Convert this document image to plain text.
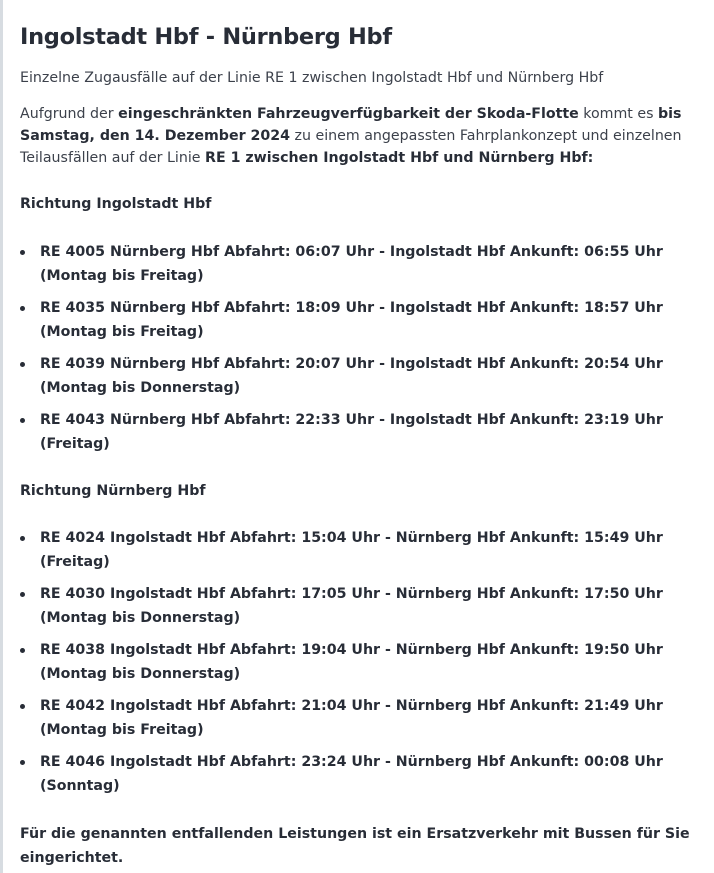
Ingolstadt Hbf - Nürnberg Hbf
Einzelne Zugausfälle auf der Linie RE 1 zwischen Ingolstadt Hbf und Nürnberg Hbf

Aufgrund der eingeschränkten Fahrzeugverfügbarkeit der Skoda-Flotte kommt es bis Samstag, den 14. Dezember 2024 zu einem angepassten Fahrplankonzept und einzelnen Teilausfällen auf der Linie RE 1 zwischen Ingolstadt Hbf und Nürnberg Hbf:

Richtung Ingolstadt Hbf
RE 4005 Nürnberg Hbf Abfahrt: 06:07 Uhr - Ingolstadt Hbf Ankunft: 06:55 Uhr
(Montag bis Freitag)
RE 4035 Nürnberg Hbf Abfahrt: 18:09 Uhr - Ingolstadt Hbf Ankunft: 18:57 Uhr
(Montag bis Freitag)
RE 4039 Nürnberg Hbf Abfahrt: 20:07 Uhr - Ingolstadt Hbf Ankunft: 20:54 Uhr
(Montag bis Donnerstag)
RE 4043 Nürnberg Hbf Abfahrt: 22:33 Uhr - Ingolstadt Hbf Ankunft: 23:19 Uhr
(Freitag)
Richtung Nürnberg Hbf
RE 4024 Ingolstadt Hbf Abfahrt: 15:04 Uhr - Nürnberg Hbf Ankunft: 15:49 Uhr
(Freitag)
RE 4030 Ingolstadt Hbf Abfahrt: 17:05 Uhr - Nürnberg Hbf Ankunft: 17:50 Uhr
(Montag bis Donnerstag)
RE 4038 Ingolstadt Hbf Abfahrt: 19:04 Uhr - Nürnberg Hbf Ankunft: 19:50 Uhr
(Montag bis Donnerstag)
RE 4042 Ingolstadt Hbf Abfahrt: 21:04 Uhr - Nürnberg Hbf Ankunft: 21:49 Uhr
(Montag bis Freitag)
RE 4046 Ingolstadt Hbf Abfahrt: 23:24 Uhr - Nürnberg Hbf Ankunft: 00:08 Uhr
(Sonntag)
Für die genannten entfallenden Leistungen ist ein Ersatzverkehr mit Bussen für Sie eingerichtet.
